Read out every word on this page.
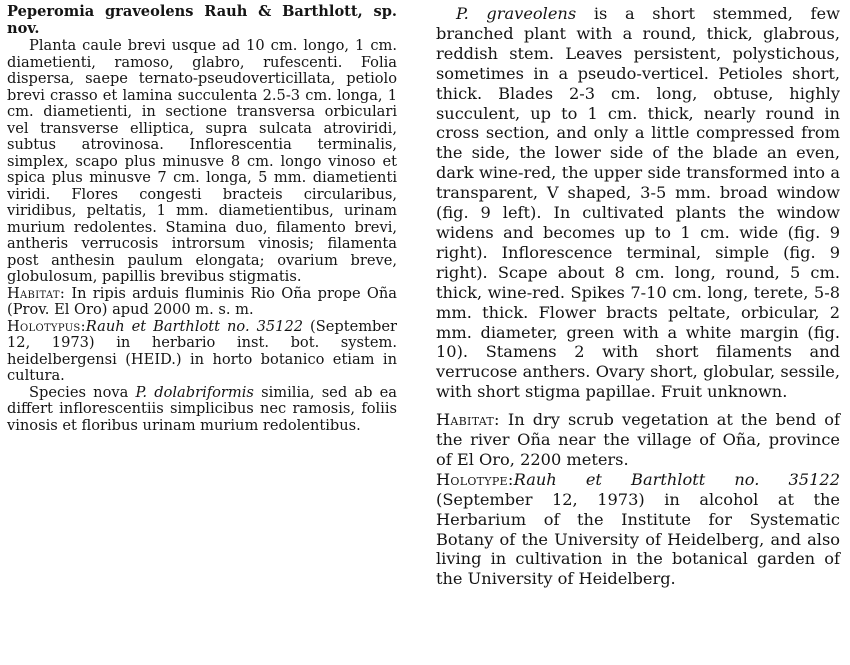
Peperomia graveolens Rauh & Barthlott, sp. nov.

Planta caule brevi usque ad 10 cm. longo, 1 cm. diametienti, ramoso, glabro, rufescenti. Folia dispersa, saepe ternato-pseudoverticillata, petiolo brevi crasso et lamina succulenta 2.5-3 cm. longa, 1 cm. diametienti, in sectione transversa orbiculari vel transverse elliptica, supra sulcata atroviridi, subtus atrovinosa. Inflorescentia terminalis, simplex, scapo plus minusve 8 cm. longo vinoso et spica plus minusve 7 cm. longa, 5 mm. diametienti viridi. Flores congesti bracteis circularibus, viridibus, peltatis, 1 mm. diametientibus, urinam murium redolentes. Stamina duo, filamento brevi, antheris verrucosis introrsum vinosis; filamenta post anthesin paulum elongata; ovarium breve, globulosum, papillis brevibus stigmatis.

Habitat: In ripis arduis fluminis Rio Oña prope Oña (Prov. El Oro) apud 2000 m. s. m.

Holotypus:Rauh et Barthlott no. 35122 (September 12, 1973) in herbario inst. bot. system. heidelbergensi (HEID.) in horto botanico etiam in cultura.

Species nova P. dolabriformis similia, sed ab ea differt inflorescentiis simplicibus nec ramosis, foliis vinosis et floribus urinam murium redolentibus.

P. graveolens is a short stemmed, few branched plant with a round, thick, glabrous, reddish stem. Leaves persistent, polystichous, sometimes in a pseudo-verticel. Petioles short, thick. Blades 2-3 cm. long, obtuse, highly succulent, up to 1 cm. thick, nearly round in cross section, and only a little compressed from the side, the lower side of the blade an even, dark wine-red, the upper side transformed into a transparent, V shaped, 3-5 mm. broad window (fig. 9 left). In cultivated plants the window widens and becomes up to 1 cm. wide (fig. 9 right). Inflorescence terminal, simple (fig. 9 right). Scape about 8 cm. long, round, 5 cm. thick, wine-red. Spikes 7-10 cm. long, terete, 5-8 mm. thick. Flower bracts peltate, orbicular, 2 mm. diameter, green with a white margin (fig. 10). Stamens 2 with short filaments and verrucose anthers. Ovary short, globular, sessile, with short stigma papillae. Fruit unknown.

Habitat: In dry scrub vegetation at the bend of the river Oña near the village of Oña, province of El Oro, 2200 meters.

Holotype:Rauh et Barthlott no. 35122 (September 12, 1973) in alcohol at the Herbarium of the Institute for Systematic Botany of the University of Heidelberg, and also living in cultivation in the botanical garden of the University of Heidelberg.
